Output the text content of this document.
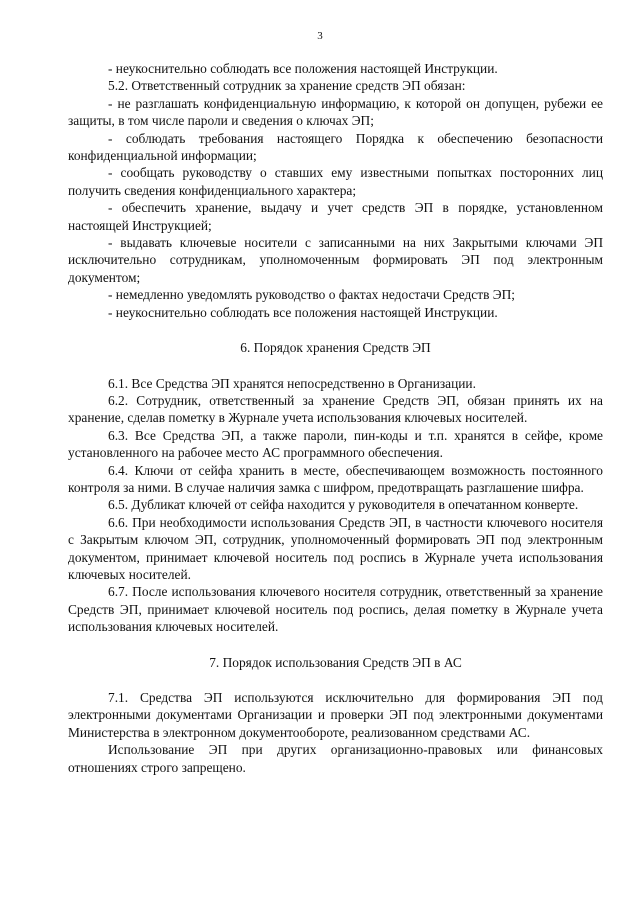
3

- неукоснительно соблюдать все положения настоящей Инструкции.

5.2. Ответственный сотрудник за хранение средств ЭП обязан:

- не разглашать конфиденциальную информацию, к которой он допущен, рубежи ее защиты, в том числе пароли и сведения о ключах ЭП;

- соблюдать требования настоящего Порядка к обеспечению безопасности конфиденциальной информации;

- сообщать руководству о ставших ему известными попытках посторонних лиц получить сведения конфиденциального характера;

- обеспечить хранение, выдачу и учет средств ЭП в порядке, установленном настоящей Инструкцией;

- выдавать ключевые носители с записанными на них Закрытыми ключами ЭП исключительно сотрудникам, уполномоченным формировать ЭП под электронным документом;

- немедленно уведомлять руководство о фактах недостачи Средств ЭП;

- неукоснительно соблюдать все положения настоящей Инструкции.

6. Порядок хранения Средств ЭП

6.1. Все Средства ЭП хранятся непосредственно в Организации.

6.2. Сотрудник, ответственный за хранение Средств ЭП, обязан принять их на хранение, сделав пометку в Журнале учета использования ключевых носителей.

6.3. Все Средства ЭП, а также пароли, пин-коды и т.п. хранятся в сейфе, кроме установленного на рабочее место АС программного обеспечения.

6.4. Ключи от сейфа хранить в месте, обеспечивающем возможность постоянного контроля за ними. В случае наличия замка с шифром, предотвращать разглашение шифра.

6.5. Дубликат ключей от сейфа находится у руководителя в опечатанном конверте.

6.6. При необходимости использования Средств ЭП, в частности ключевого носителя с Закрытым ключом ЭП, сотрудник, уполномоченный формировать ЭП под электронным документом, принимает ключевой носитель под роспись в Журнале учета использования ключевых носителей.

6.7. После использования ключевого носителя сотрудник, ответственный за хранение Средств ЭП, принимает ключевой носитель под роспись, делая пометку в Журнале учета использования ключевых носителей.

7. Порядок использования Средств ЭП в АС

7.1. Средства ЭП используются исключительно для формирования ЭП под электронными документами Организации и проверки ЭП под электронными документами Министерства в электронном документообороте, реализованном средствами АС.

Использование ЭП при других организационно-правовых или финансовых отношениях строго запрещено.
